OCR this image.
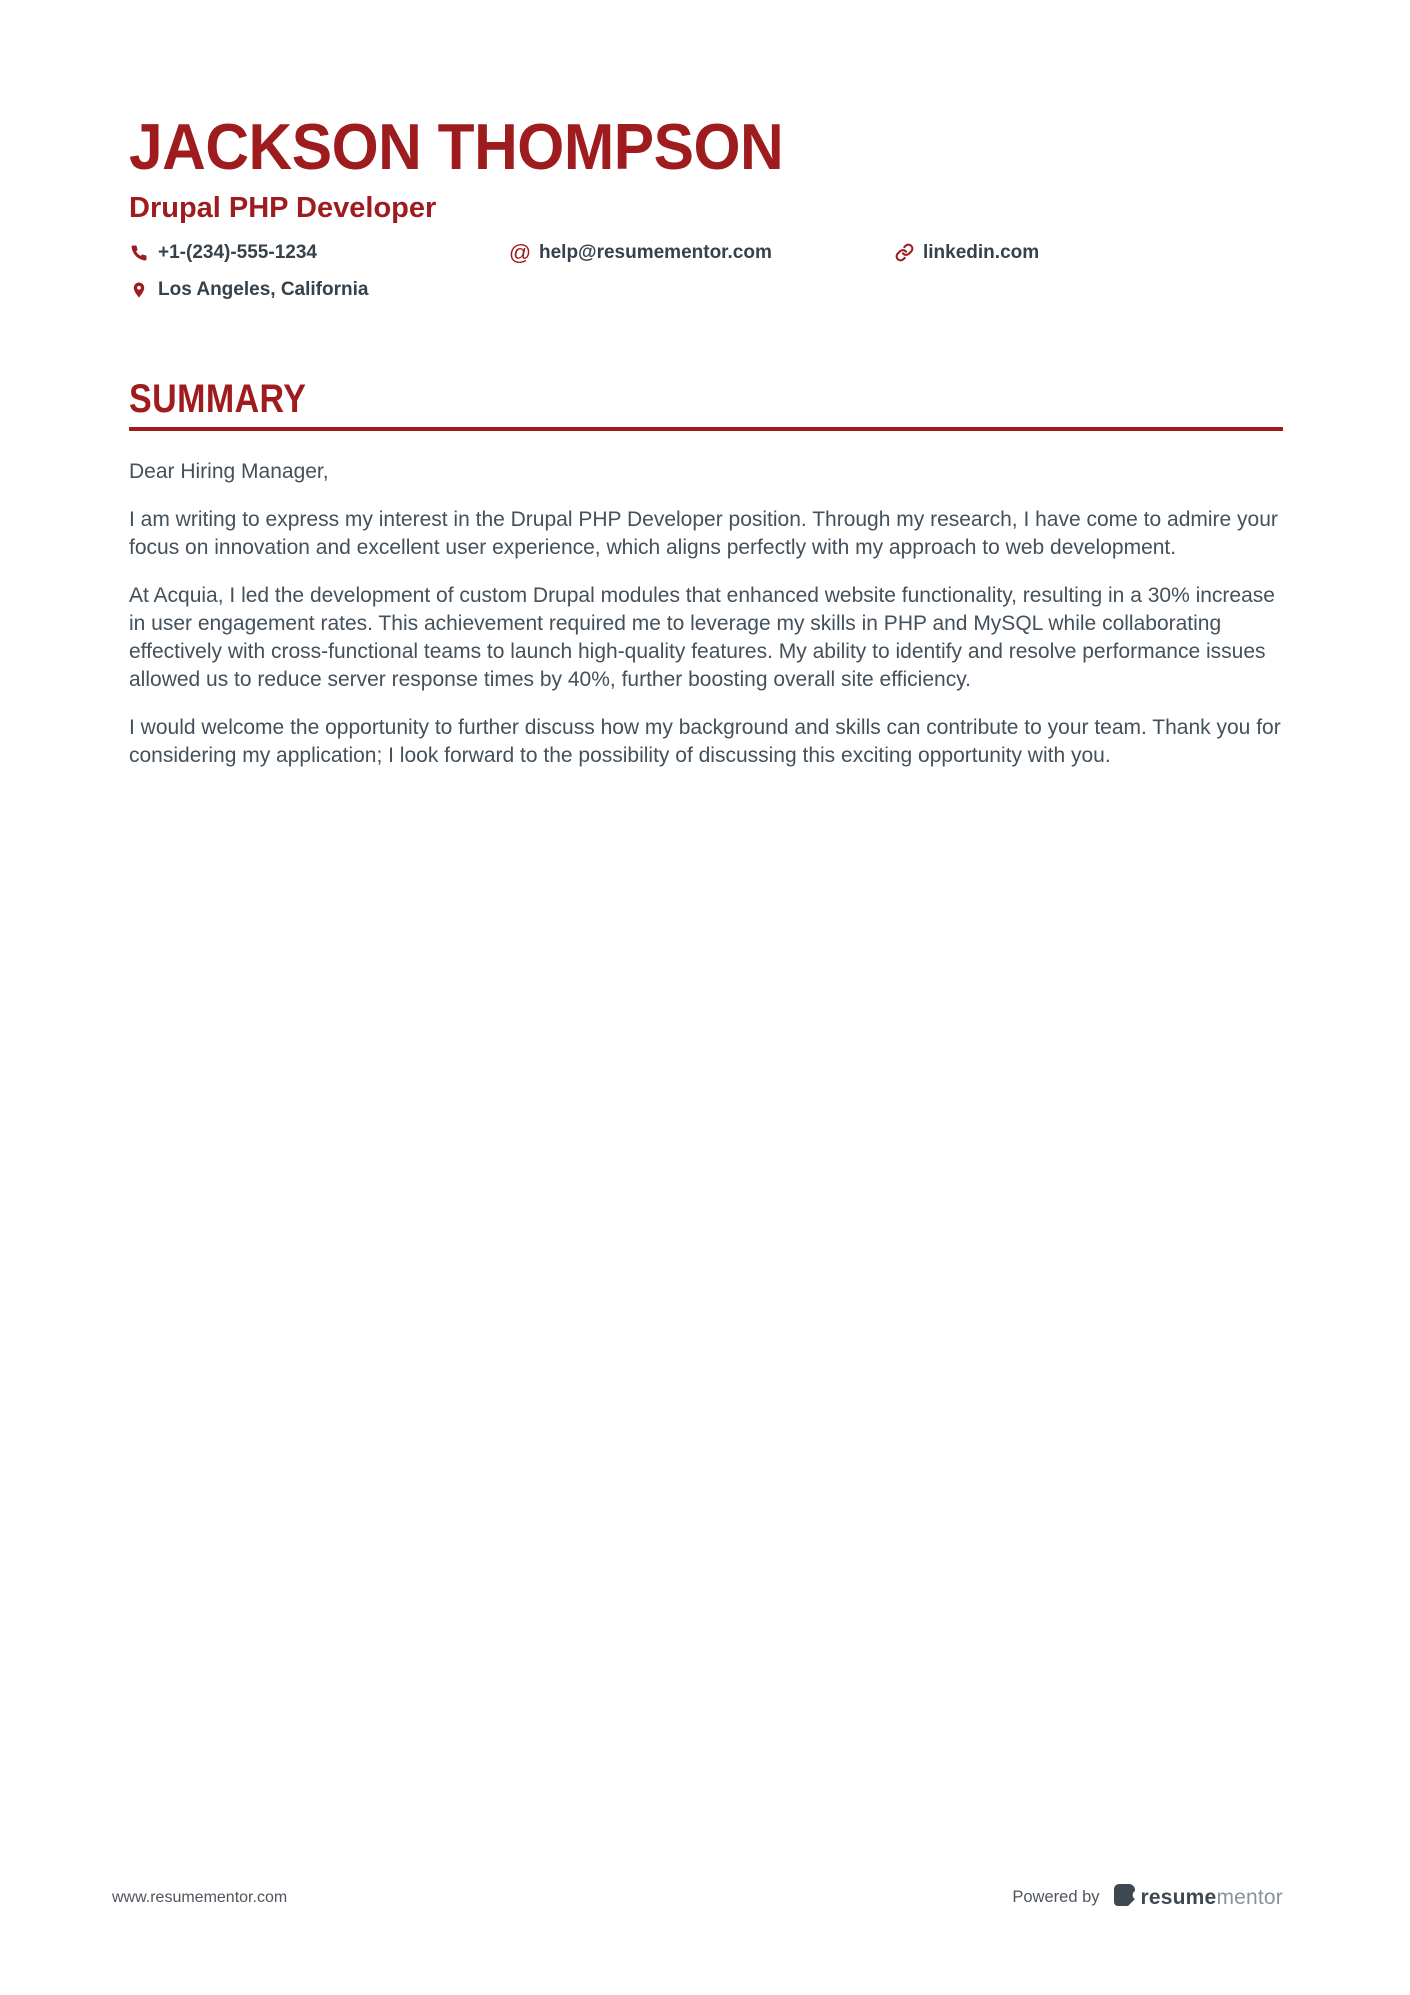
JACKSON THOMPSON
Drupal PHP Developer
+1-(234)-555-1234	@ help@resumementor.com	linkedin.com
Los Angeles, California
SUMMARY

Dear Hiring Manager,

I am writing to express my interest in the Drupal PHP Developer position. Through my research, I have come to admire your focus on innovation and excellent user experience, which aligns perfectly with my approach to web development.

At Acquia, I led the development of custom Drupal modules that enhanced website functionality, resulting in a 30% increase in user engagement rates. This achievement required me to leverage my skills in PHP and MySQL while collaborating effectively with cross-functional teams to launch high-quality features. My ability to identify and resolve performance issues allowed us to reduce server response times by 40%, further boosting overall site efficiency.

I would welcome the opportunity to further discuss how my background and skills can contribute to your team. Thank you for considering my application; I look forward to the possibility of discussing this exciting opportunity with you.

www.resumementor.com	Powered by resumementor
